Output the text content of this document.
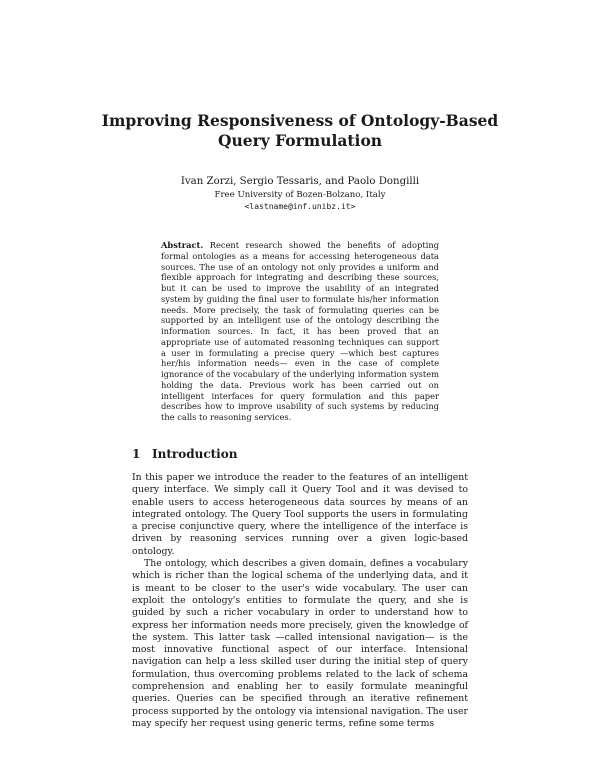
Improving Responsiveness of Ontology-Based
Query Formulation

Ivan Zorzi, Sergio Tessaris, and Paolo Dongilli

Free University of Bozen-Bolzano, Italy

<lastname@inf.unibz.it>

Abstract. Recent research showed the benefits of adopting formal ontologies as a means for accessing heterogeneous data sources. The use of an ontology not only provides a uniform and flexible approach for integrating and describing these sources, but it can be used to improve the usability of an integrated system by guiding the final user to formulate his/her information needs. More precisely, the task of formulating queries can be supported by an intelligent use of the ontology describing the information sources. In fact, it has been proved that an appropriate use of automated reasoning techniques can support a user in formulating a precise query —which best captures her/his information needs— even in the case of complete ignorance of the vocabulary of the underlying information system holding the data. Previous work has been carried out on intelligent interfaces for query formulation and this paper describes how to improve usability of such systems by reducing the calls to reasoning services.

1 Introduction

In this paper we introduce the reader to the features of an intelligent query interface. We simply call it Query Tool and it was devised to enable users to access heterogeneous data sources by means of an integrated ontology. The Query Tool supports the users in formulating a precise conjunctive query, where the intelligence of the interface is driven by reasoning services running over a given logic-based ontology.

The ontology, which describes a given domain, defines a vocabulary which is richer than the logical schema of the underlying data, and it is meant to be closer to the user's wide vocabulary. The user can exploit the ontology's entities to formulate the query, and she is guided by such a richer vocabulary in order to understand how to express her information needs more precisely, given the knowledge of the system. This latter task —called intensional navigation— is the most innovative functional aspect of our interface. Intensional navigation can help a less skilled user during the initial step of query formulation, thus overcoming problems related to the lack of schema comprehension and enabling her to easily formulate meaningful queries. Queries can be specified through an iterative refinement process supported by the ontology via intensional navigation. The user may specify her request using generic terms, refine some terms
